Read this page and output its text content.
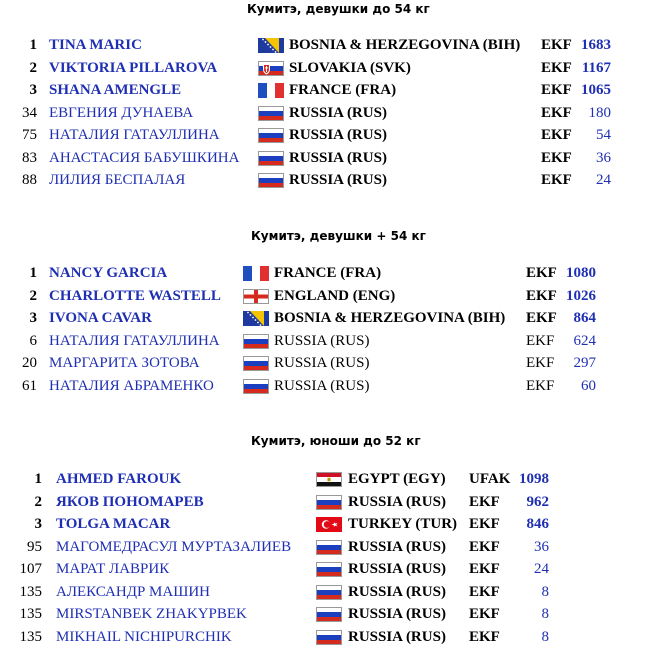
Кумитэ, девушки до 54 кг
1 TINA MARIC	BOSNIA & HERZEGOVINA (BIH) EKF 1683
2 VIKTORIA PILLAROVA	SLOVAKIA (SVK)	EKF 1167
3 SHANA AMENGLE	FRANCE (FRA)	EKF 1065
34 ЕВГЕНИЯ ДУНАЕВА	RUSSIA (RUS)	EKF	180
75 НАТАЛИЯ ГАТАУЛЛИНА	RUSSIA (RUS)	EKF	54
83 АНАСТАСИЯ БАБУШКИНА	RUSSIA (RUS)	EKF	36
88 ЛИЛИЯ БЕСПАЛАЯ	RUSSIA (RUS)	EKF	24
Кумитэ, девушки + 54 кг
1 NANCY GARCIA	FRANCE (FRA)	EKF 1080
2 CHARLOTTE WASTELL	ENGLAND (ENG)	EKF 1026
3 IVONA CAVAR	BOSNIA & HERZEGOVINA (BIH) EKF	864
6 НАТАЛИЯ ГАТАУЛЛИНА	RUSSIA (RUS)	EKF	624
20 МАРГАРИТА ЗОТОВА	RUSSIA (RUS)	EKF	297
61 НАТАЛИЯ АБРАМЕНКО	RUSSIA (RUS)	EKF	60
Кумитэ, юноши до 52 кг
1 AHMED FAROUK	EGYPT (EGY) UFAK 1098
2 ЯКОВ ПОНОМАРЕВ	RUSSIA (RUS) EKF	962
3 TOLGA MACAR	TURKEY (TUR) EKF	846
95 МАГОМЕДРАСУЛ МУРТАЗАЛИЕВ	RUSSIA (RUS) EKF	36
107 МАРАТ ЛАВРИК	RUSSIA (RUS) EKF	24
135 АЛЕКСАНДР МАШИН	RUSSIA (RUS) EKF	8
135 MIRSTANBEK ZHAKYPBEK	RUSSIA (RUS) EKF	8
135 MIKHAIL NICHIPURCHIK	RUSSIA (RUS) EKF	8
